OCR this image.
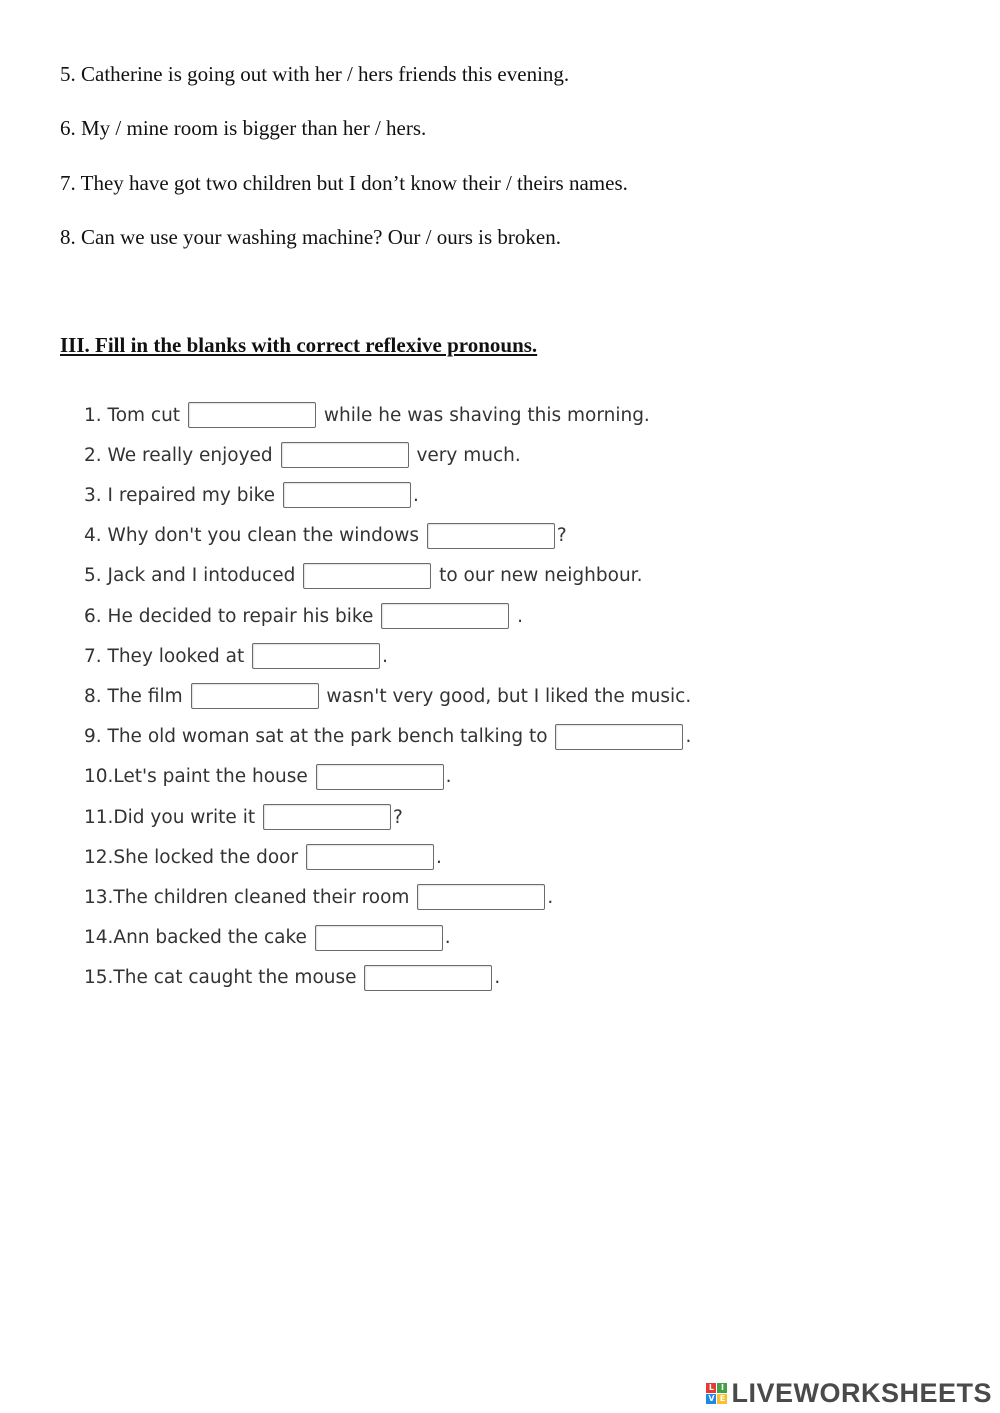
5. Catherine is going out with her / hers friends this evening.
6. My / mine room is bigger than her / hers.
7. They have got two children but I don’t know their / theirs names.
8. Can we use your washing machine? Our / ours is broken.
III. Fill in the blanks with correct reflexive pronouns.
1. Tom cut	while he was shaving this morning.
2. We really enjoyed	very much.
3. I repaired my bike	.
4. Why don't you clean the windows	?
5. Jack and I intoduced	to our new neighbour.
6. He decided to repair his bike	.
7. They looked at	.
8. The film	wasn't very good, but I liked the music.
9. The old woman sat at the park bench talking to	.
10.Let's paint the house	.
11.Did you write it	?
12.She locked the door	.
13.The children cleaned their room	.
14.Ann backed the cake	.
15.The cat caught the mouse	.
L I
V E LIVEWORKSHEETS
